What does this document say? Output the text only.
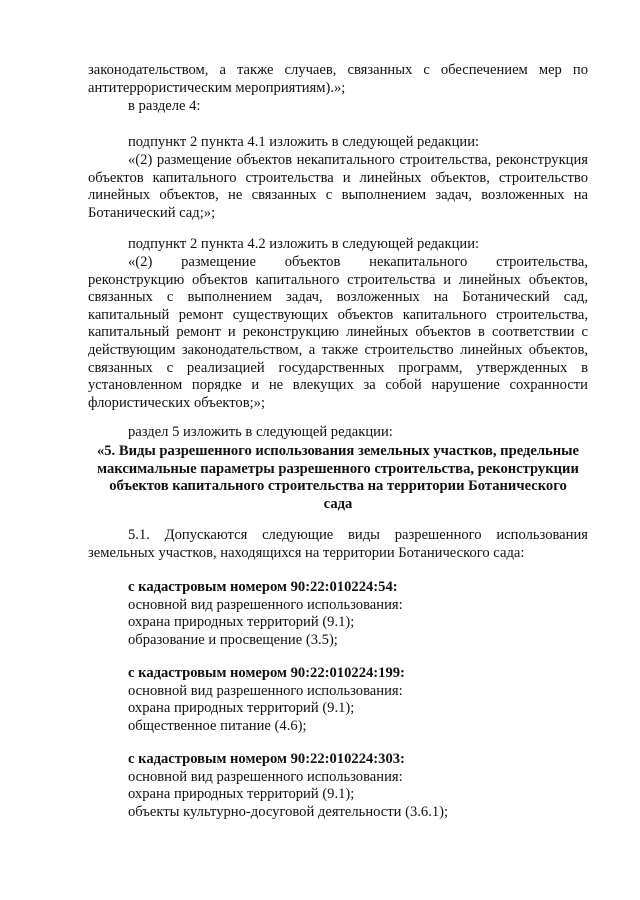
законодательством, а также случаев, связанных с обеспечением мер по
антитеррористическим мероприятиям).»;
в разделе 4:
подпункт 2 пункта 4.1 изложить в следующей редакции:
«(2) размещение объектов некапитального строительства, реконструкция
объектов капитального строительства и линейных объектов, строительство
линейных объектов, не связанных с выполнением задач, возложенных на
Ботанический сад;»;
подпункт 2 пункта 4.2 изложить в следующей редакции:
«(2) размещение объектов некапитального строительства,
реконструкцию объектов капитального строительства и линейных объектов,
связанных с выполнением задач, возложенных на Ботанический сад,
капитальный ремонт существующих объектов капитального строительства,
капитальный ремонт и реконструкцию линейных объектов в соответствии с
действующим законодательством, а также строительство линейных объектов,
связанных с реализацией государственных программ, утвержденных в
установленном порядке и не влекущих за собой нарушение сохранности
флористических объектов;»;
раздел 5 изложить в следующей редакции:
«5. Виды разрешенного использования земельных участков, предельные
максимальные параметры разрешенного строительства, реконструкции
объектов капитального строительства на территории Ботанического
сада
5.1. Допускаются следующие виды разрешенного использования
земельных участков, находящихся на территории Ботанического сада:
с кадастровым номером 90:22:010224:54:
основной вид разрешенного использования:
охрана природных территорий (9.1);
образование и просвещение (3.5);
с кадастровым номером 90:22:010224:199:
основной вид разрешенного использования:
охрана природных территорий (9.1);
общественное питание (4.6);
с кадастровым номером 90:22:010224:303:
основной вид разрешенного использования:
охрана природных территорий (9.1);
объекты культурно-досуговой деятельности (3.6.1);
